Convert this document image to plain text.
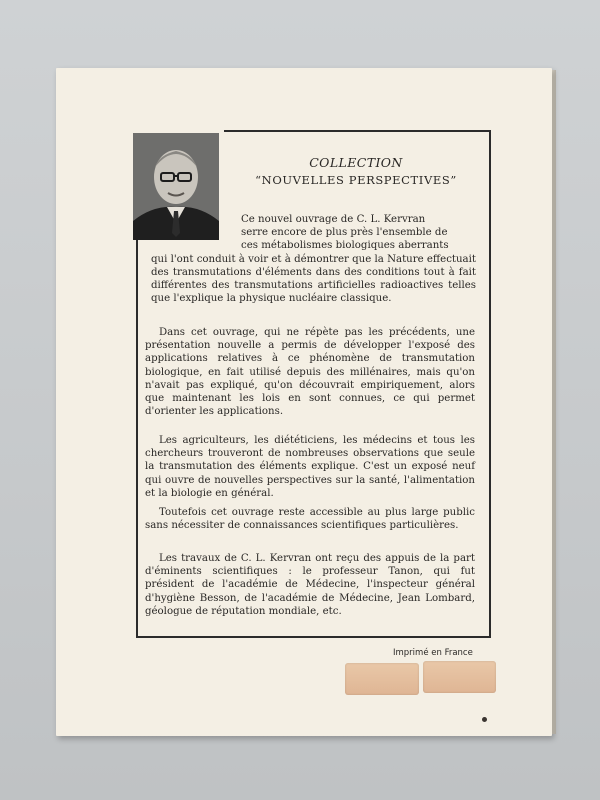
COLLECTION
“NOUVELLES PERSPECTIVES”
Ce nouvel ouvrage de C. L. Kervran
serre encore de plus près l'ensemble de
ces métabolismes biologiques aberrants
qui l'ont conduit à voir et à démontrer que la Nature effectuait des transmutations d'éléments dans des conditions tout à fait différentes des transmutations artificielles radioactives telles que l'explique la physique nucléaire classique.
Dans cet ouvrage, qui ne répète pas les précédents, une présentation nouvelle a permis de développer l'exposé des applications relatives à ce phénomène de transmutation biologique, en fait utilisé depuis des millénaires, mais qu'on n'avait pas expliqué, qu'on découvrait empiriquement, alors que maintenant les lois en sont connues, ce qui permet d'orienter les applications.
Les agriculteurs, les diététiciens, les médecins et tous les chercheurs trouveront de nombreuses observations que seule la transmutation des éléments explique. C'est un exposé neuf qui ouvre de nouvelles perspectives sur la santé, l'alimentation et la biologie en général.
Toutefois cet ouvrage reste accessible au plus large public sans nécessiter de connaissances scientifiques particulières.
Les travaux de C. L. Kervran ont reçu des appuis de la part d'éminents scientifiques : le professeur Tanon, qui fut président de l'académie de Médecine, l'inspecteur général d'hygiène Besson, de l'académie de Médecine, Jean Lombard, géologue de réputation mondiale, etc.
Imprimé en France
